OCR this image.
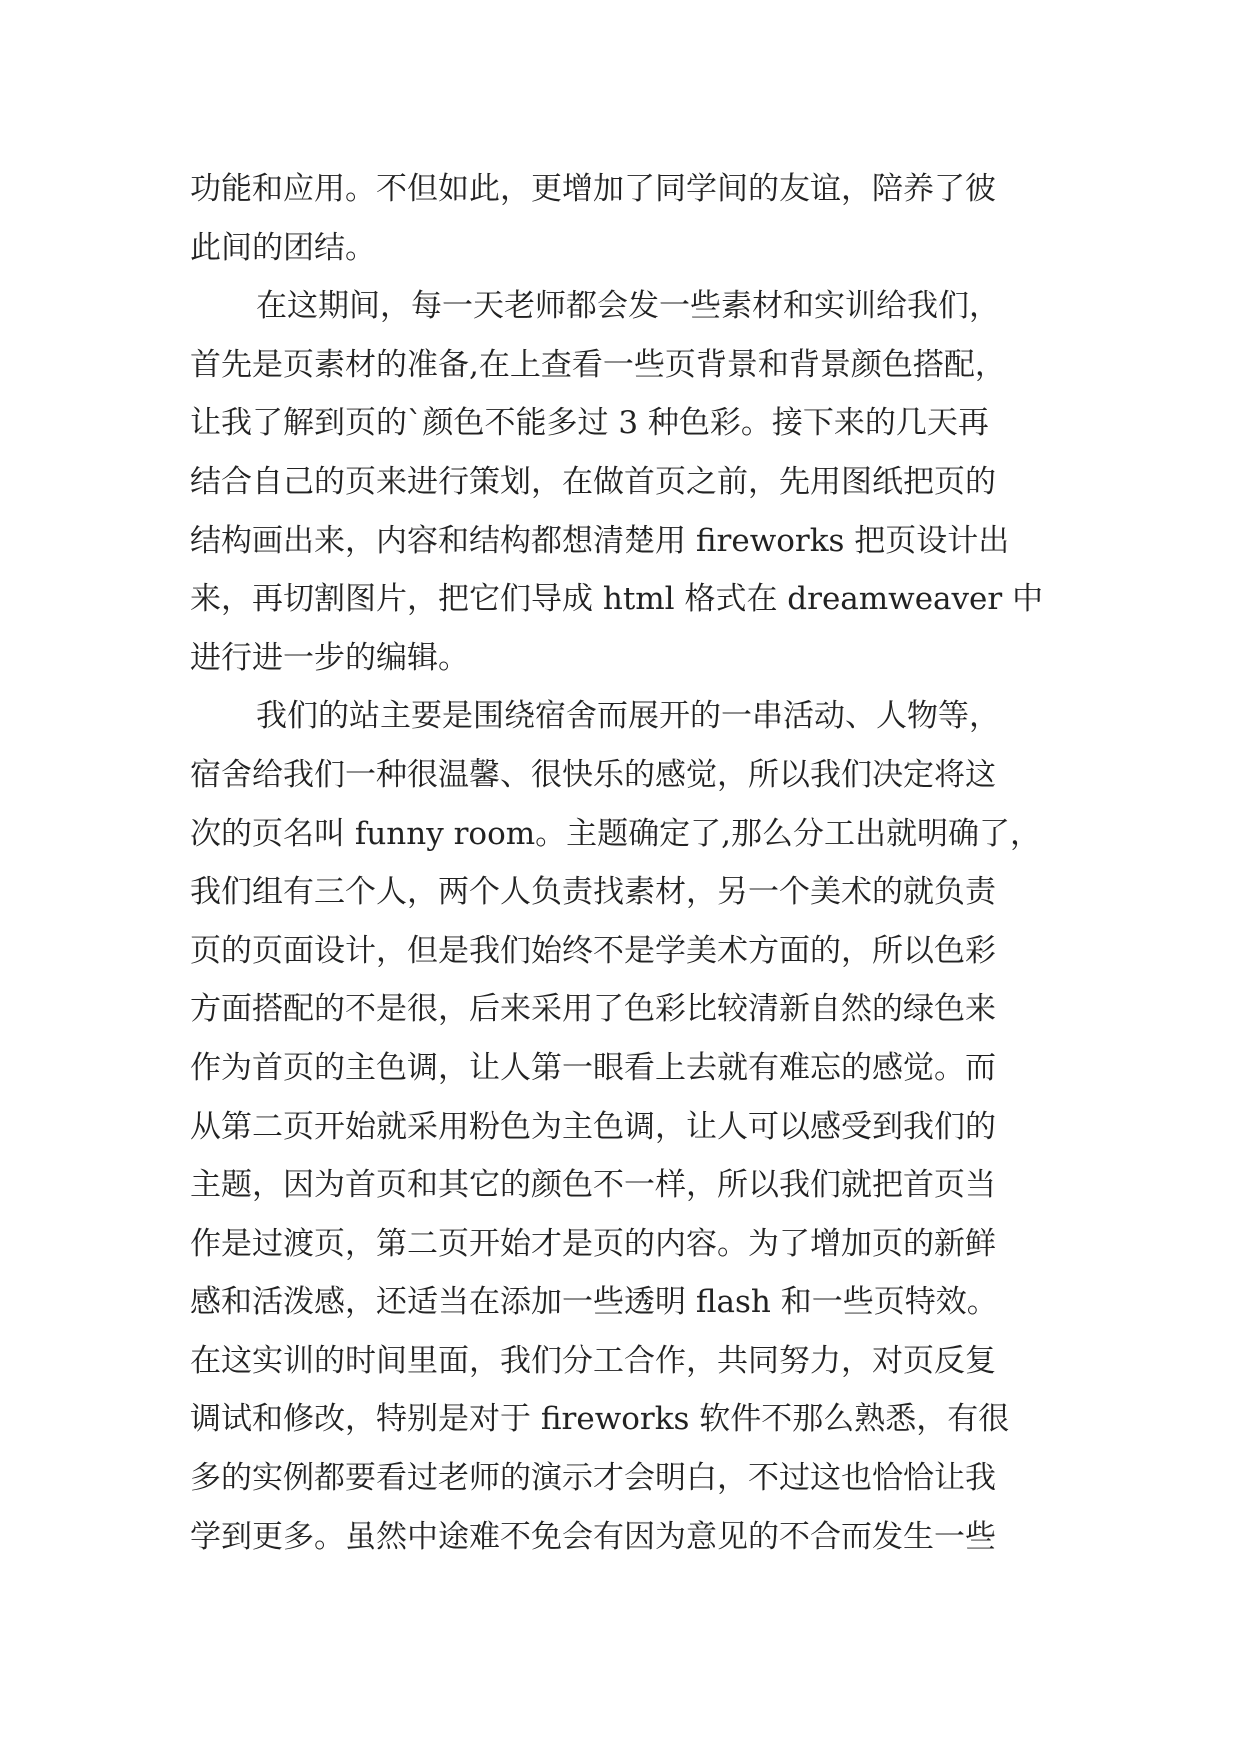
功能和应用。不但如此，更增加了同学间的友谊，陪养了彼
此间的团结。
在这期间，每一天老师都会发一些素材和实训给我们，
首先是页素材的准备,在上查看一些页背景和背景颜色搭配，
让我了解到页的`颜色不能多过 3 种色彩。接下来的几天再
结合自己的页来进行策划，在做首页之前，先用图纸把页的
结构画出来，内容和结构都想清楚用 fireworks 把页设计出
来，再切割图片，把它们导成 html 格式在 dreamweaver 中
进行进一步的编辑。
我们的站主要是围绕宿舍而展开的一串活动、人物等，
宿舍给我们一种很温馨、很快乐的感觉，所以我们决定将这
次的页名叫 funny room。主题确定了,那么分工出就明确了，
我们组有三个人，两个人负责找素材，另一个美术的就负责
页的页面设计，但是我们始终不是学美术方面的，所以色彩
方面搭配的不是很，后来采用了色彩比较清新自然的绿色来
作为首页的主色调，让人第一眼看上去就有难忘的感觉。而
从第二页开始就采用粉色为主色调，让人可以感受到我们的
主题，因为首页和其它的颜色不一样，所以我们就把首页当
作是过渡页，第二页开始才是页的内容。为了增加页的新鲜
感和活泼感，还适当在添加一些透明 flash 和一些页特效。
在这实训的时间里面，我们分工合作，共同努力，对页反复
调试和修改，特别是对于 fireworks 软件不那么熟悉，有很
多的实例都要看过老师的演示才会明白，不过这也恰恰让我
学到更多。虽然中途难不免会有因为意见的不合而发生一些
